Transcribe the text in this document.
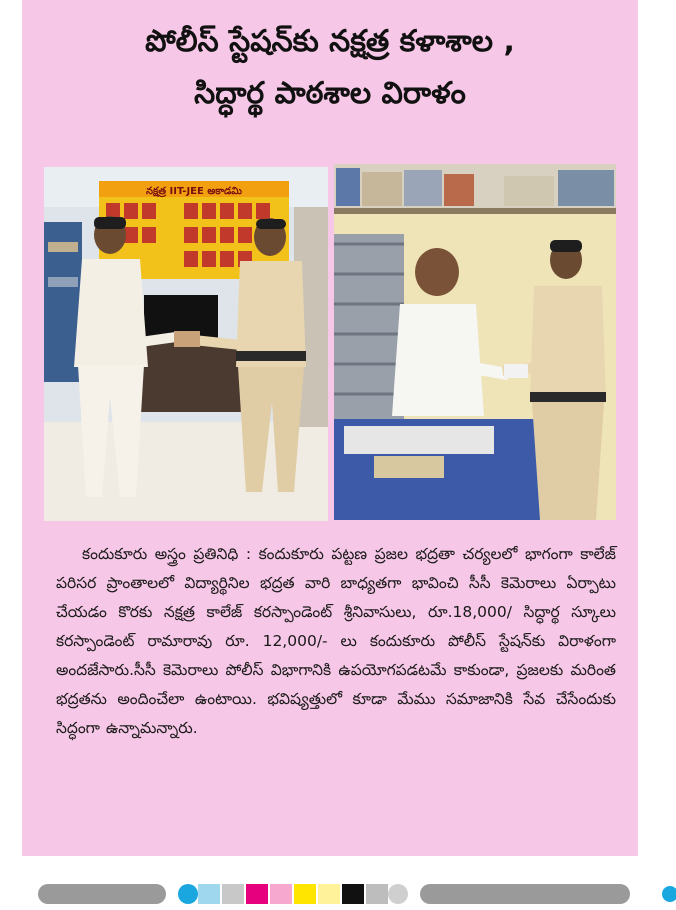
పోలీస్ స్టేషన్‌కు నక్షత్ర కళాశాల ,
సిద్ధార్థ పాఠశాల విరాళం
నక్షత్ర IIT-JEE అకాడమి
కందుకూరు అస్త్రం ప్రతినిధి : కందుకూరు పట్టణ ప్రజల భద్రతా చర్యలలో భాగంగా కాలేజ్ పరిసర ప్రాంతాలలో విద్యార్థినిల భద్రత వారి బాధ్యతగా భావించి సీసీ కెమెరాలు ఏర్పాటు చేయడం కొరకు నక్షత్ర కాలేజ్ కరస్పాండెంట్ శ్రీనివాసులు, రూ.18,000/ సిద్ధార్థ స్కూలు కరస్పాండెంట్ రామారావు రూ. 12,000/- లు కందుకూరు పోలీస్ స్టేషన్‌కు విరాళంగా అందజేసారు.సీసీ కెమెరాలు పోలీస్ విభాగానికి ఉపయోగపడటమే కాకుండా, ప్రజలకు మరింత భద్రతను అందించేలా ఉంటాయి. భవిష్యత్తులో కూడా మేము సమాజానికి సేవ చేసేందుకు సిద్ధంగా ఉన్నామన్నారు.
